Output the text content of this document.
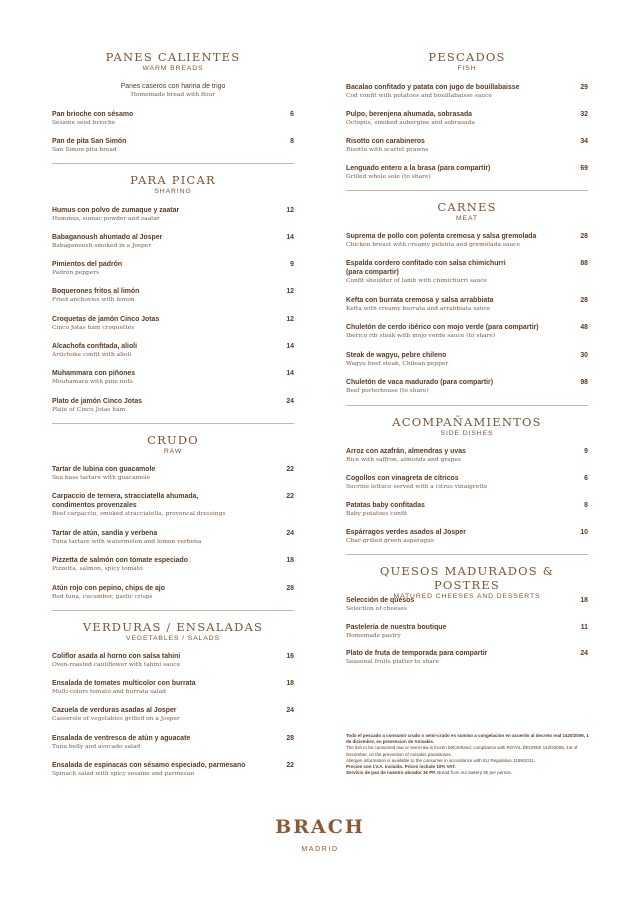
PANES CALIENTES

WARM BREADS

Panes caseros con harina de trigo
Homemade bread with flour
Pan brioche con sésamo
Sesame seed brioche
6
Pan de pita San Simón
San Simon pita bread
8
PARA PICAR

SHARING

Humus con polvo de zumaque y zaatar
Hummus, sumac powder and zaatar
12
Babaganoush ahumado al Josper
Babaganoush smoked in a Josper
14
Pimientos del padrón
Padrón peppers
9
Boquerones fritos al limón
Fried anchovies with lemon
12
Croquetas de jamón Cinco Jotas
Cinco Jotas ham croquettes
12
Alcachofa confitada, alioli
Artichoke confit with alioli
14
Muhammara con piñones
Mouhamara with pine nuts
14
Plato de jamón Cinco Jotas
Plate of Cinco Jotas ham
24
CRUDO

RAW

Tartar de lubina con guacamole
Sea bass tartare with guacamole
22
Carpaccio de ternera, stracciatella ahumada, condimentos provenzales
Beef carpaccio, smoked stracciatella, provencal dressings
22
Tartar de atún, sandía y verbena
Tuna tartare with watermelon and lemon verbena
24
Pizzetta de salmón con tomate especiado
Pizzetta, salmon, spicy tomato
18
Atún rojo con pepino, chips de ajo
Red tuna, cucumber, garlic crisps
28
VERDURAS / ENSALADAS

VEGETABLES / SALADS

Coliflor asada al horno con salsa tahini
Oven-roasted cauliflower with tahini sauce
16
Ensalada de tomates multicolor con burrata
Multi-colors tomato and burrata salad
18
Cazuela de verduras asadas al Josper
Casserole of vegetables grilled on a Josper
24
Ensalada de ventresca de atún y aguacate
Tuna belly and avocado salad
28
Ensalada de espinacas con sésamo especiado, parmesano
Spinach salad with spicy sesame and parmesan
22
PESCADOS

FISH

Bacalao confitado y patata con jugo de bouillabaisse
Cod confit with potatoes and bouillabaisse sauce
29
Pulpo, berenjena ahumada, sobrasada
Octopus, smoked aubergine and sobrasada
32
Risotto con carabineros
Risotto with scarlet prawns
34
Lenguado entero a la brasa (para compartir)
Grilled whole sole (to share)
69
CARNES

MEAT

Suprema de pollo con polenta cremosa y salsa gremolada
Chicken breast with creamy polenta and gremolada sauce
28
Espalda cordero confitado con salsa chimichurri (para compartir)
Confit shoulder of lamb with chimichurri sauce
88
Kefta con burrata cremosa y salsa arrabbiata
Kefta with creamy burrata and arrabbiata sauce
28
Chuletón de cerdo ibérico con mojo verde (para compartir)
Iberico rib steak with mojo verde sauce (to share)
48
Steak de wagyu, pebre chileno
Wagyu beef steak, Chilean pepper
30
Chuletón de vaca madurado (para compartir)
Beef porterhouse (to share)
98
ACOMPAÑAMIENTOS

SIDE DISHES

Arroz con azafrán, almendras y uvas
Rice with saffron, almonds and grapes
9
Cogollos con vinagreta de cítricos
Sucrine lettuce served with a citrus vinaigrette
6
Patatas baby confitadas
Baby potatoes confit
8
Espárragos verdes asados al Josper
Char-grilled green asparagus
10
QUESOS MADURADOS & POSTRES

MATURED CHEESES AND DESSERTS

Selección de quesos
Selection of cheeses
18
Pastelería de nuestra boutique
Homemade pastry
11
Plato de fruta de temporada para compartir
Seasonal fruits platter to share
24
Todo el pescado a consumir crudo o semi-crudo es sumiso a congelacion en acuerdo al decreto real 1420/2006, 1 de diciembre, en prevencion de Anisakis.
The fish to be consumed raw or semi-raw is frozen beforehand, compliance with ROYAL DECREE 1420/2006, 1st of December, on the prevention of Anisakis parasitoses.
Allergen information is available to the consumer in accordance with EU Regulation 1169/2011.
Precios con I.V.A. incluido. Prices include 10% VAT.
Servicio de pan de nuestro obrador 3€ PP. Bread from our bakery 3€ per person.
BRACH
MADRID
